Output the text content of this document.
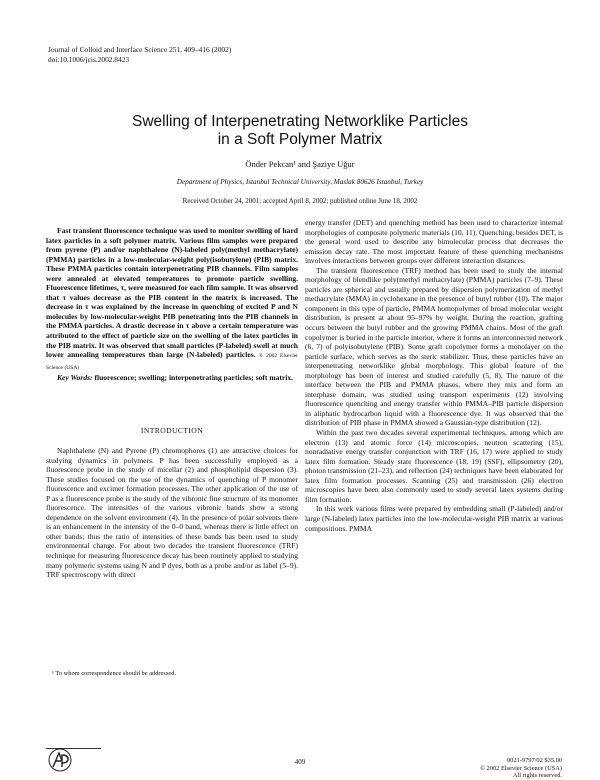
Journal of Colloid and Interface Science 251, 409–416 (2002)
doi:10.1006/jcis.2002.8423
Swelling of Interpenetrating Networklike Particles
in a Soft Polymer Matrix
Önder Pekcan¹ and Şaziye Uğur
Department of Physics, Istanbul Technical University, Maslak 80626 Istanbul, Turkey
Received October 24, 2001; accepted April 8, 2002; published online June 18, 2002

Fast transient fluorescence technique was used to monitor swelling of hard latex particles in a soft polymer matrix. Various film samples were prepared from pyrene (P) and/or naphthalene (N)-labeled poly(methyl methacrylate) (PMMA) particles in a low-molecular-weight poly(isobutylene) (PIB) matrix. These PMMA particles contain interpenetrating PIB channels. Film samples were annealed at elevated temperatures to promote particle swelling. Fluorescence lifetimes, τ, were measured for each film sample. It was observed that τ values decrease as the PIB content in the matrix is increased. The decrease in τ was explained by the increase in quenching of excited P and N molecules by low-molecular-weight PIB penetrating into the PIB channels in the PMMA particles. A drastic decrease in τ above a certain temperature was attributed to the effect of particle size on the swelling of the latex particles in the PIB matrix. It was observed that small particles (P-labeled) swell at much lower annealing temperatures than large (N-labeled) particles. © 2002 Elsevier Science (USA)

Key Words: fluorescence; swelling; interpenetrating particles; soft matrix.

INTRODUCTION

Naphthalene (N) and Pyrene (P) chromophores (1) are attractive choices for studying dynamics in polymers. P has been successfully employed as a fluorescence probe in the study of micellar (2) and phospholipid dispersion (3). These studies focused on the use of the dynamics of quenching of P monomer fluorescence and excimer formation processes. The other application of the use of P as a fluorescence probe is the study of the vibronic fine structure of its monomer fluorescence. The intensities of the various vibronic bands show a strong dependence on the solvent environment (4). In the presence of polar solvents there is an enhancement in the intensity of the 0–0 band, whereas there is little effect on other bands; thus the ratio of intensities of these bands has been used to study environmental change. For about two decades the transient fluorescence (TRF) technique for measuring fluorescence decay has been routinely applied to studying many polymeric systems using N and P dyes, both as a probe and/or as label (5–9). TRF spectroscopy with direct

energy transfer (DET) and quenching method has been used to characterize internal morphologies of composite polymeric materials (10, 11). Quenching, besides DET, is the general word used to describe any bimolecular process that decreases the emission decay rate. The most important feature of these quenching mechanisms involves interactions between groups over different interaction distances.

The transient fluorescence (TRF) method has been used to study the internal morphology of blendlike poly(methyl methacrylate) (PMMA) particles (7–9). These particles are spherical and usually prepared by dispersion polymerization of methyl methacrylate (MMA) in cyclohexane in the presence of butyl rubber (10). The major component in this type of particle, PMMA homopolymer of broad molecular weight distribution, is present at about 95–97% by weight. During the reaction, grafting occurs between the butyl rubber and the growing PMMA chains. Most of the graft copolymer is buried in the particle interior, where it forms an interconnected network (6, 7) of polyisobutylene (PIB). Some graft copolymer forms a monolayer on the particle surface, which serves as the steric stabilizer. Thus, these particles have an interpenetrating networklike global morphology. This global feature of the morphology has been of interest and studied carefully (5, 8). The nature of the interface between the PIB and PMMA phases, where they mix and form an interphase domain, was studied using transport experiments (12) involving fluorescence quenching and energy transfer within PMMA–PIB particle dispersion in aliphatic hydrocarbon liquid with a fluorescence dye. It was observed that the distribution of PIB phase in PMMA showed a Gaussian-type distribution (12).

Within the past two decades several experimental techniques, among which are electron (13) and atomic force (14) microscopies, neutron scattering (15), nonradiative energy transfer conjunction with TRF (16, 17) were applied to study latex film formation. Steady state fluorescence (18, 19) (SSF), ellipsometry (20), photon transmission (21–23), and reflection (24) techniques have been elaborated for latex film formation processes. Scanning (25) and transmission (26) electron microscopies have been also commonly used to study several latex systems during film formation.

In this work various films were prepared by embedding small (P-labeled) and/or large (N-labeled) latex particles into the low-molecular-weight PIB matrix at various compositions. PMMA

¹ To whom correspondence should be addressed.
409	0021-9797/02 $35.00
© 2002 Elsevier Science (USA)
All rights reserved.
